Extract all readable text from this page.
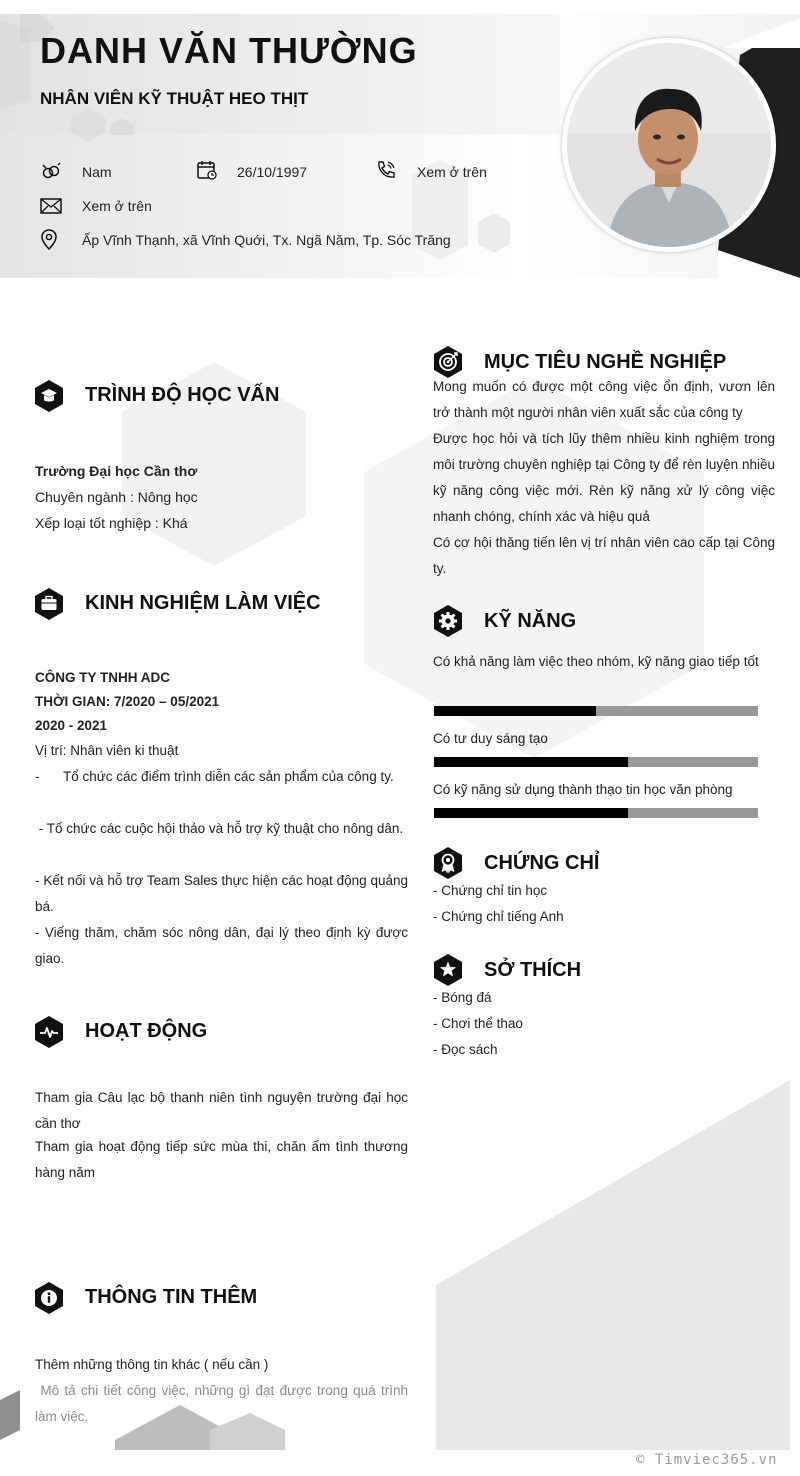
DANH VĂN THƯỜNG
NHÂN VIÊN KỸ THUẬT HEO THỊT
Nam	26/10/1997	Xem ở trên
Xem ở trên
Ấp Vĩnh Thạnh, xã Vĩnh Quới, Tx. Ngã Năm, Tp. Sóc Trăng
TRÌNH ĐỘ HỌC VẤN
Trường Đại học Cần thơ
Chuyên ngành : Nông học
Xếp loại tốt nghiệp : Khá
KINH NGHIỆM LÀM VIỆC
CÔNG TY TNHH ADC
THỜI GIAN: 7/2020 – 05/2021
2020 - 2021
Vị trí: Nhân viên ki thuật
- Tổ chức các điểm trình diễn các sản phẩm của công ty.
- Tổ chức các cuộc hội thảo và hỗ trợ kỹ thuật cho nông dân.
- Kết nối và hỗ trợ Team Sales thực hiện các hoạt động quảng bá.
- Viếng thăm, chăm sóc nông dân, đại lý theo định kỳ được giao.
HOẠT ĐỘNG
Tham gia Câu lạc bộ thanh niên tình nguyện trường đại học cần thơ
Tham gia hoạt động tiếp sức mùa thi, chăn ấm tình thương hàng năm
THÔNG TIN THÊM
Thêm những thông tin khác ( nếu cần )
Mô tả chi tiết công việc, những gì đạt được trong quá trình làm việc.
MỤC TIÊU NGHỀ NGHIỆP
Mong muốn có được một công việc ổn định, vươn lên trở thành một người nhân viên xuất sắc của công ty
Được học hỏi và tích lũy thêm nhiều kinh nghiệm trong môi trường chuyên nghiệp tại Công ty để rèn luyện nhiều kỹ năng công việc mới. Rèn kỹ năng xử lý công việc nhanh chóng, chính xác và hiệu quả
Có cơ hội thăng tiến lên vị trí nhân viên cao cấp tại Công ty.
KỸ NĂNG
Có khả năng làm việc theo nhóm, kỹ năng giao tiếp tốt
Có tư duy sáng tạo
Có kỹ năng sử dụng thành thạo tin học văn phòng
CHỨNG CHỈ
- Chứng chỉ tin học
- Chứng chỉ tiếng Anh
SỞ THÍCH
- Bóng đá
- Chơi thể thao
- Đọc sách
© Timviec365.vn
